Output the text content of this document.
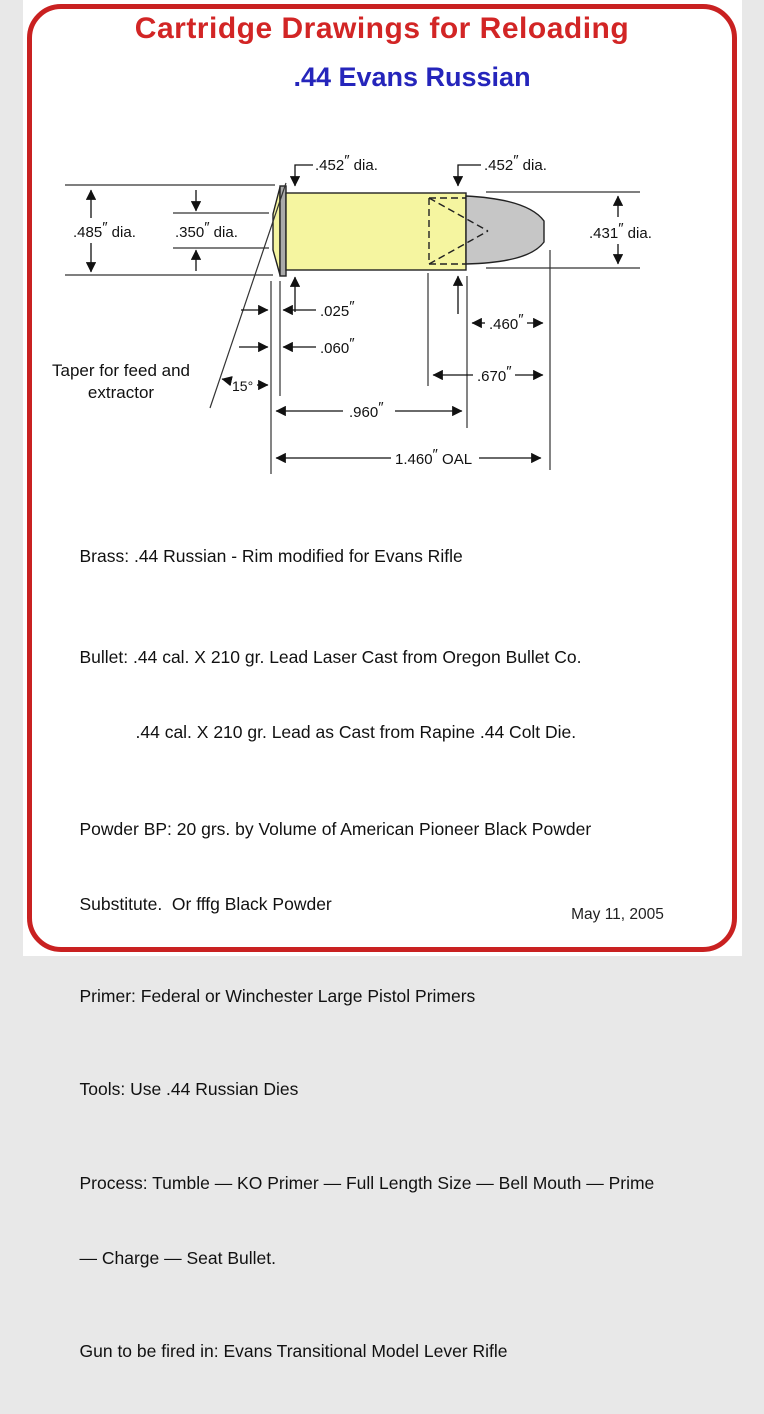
Cartridge Drawings for Reloading
.44 Evans Russian
.485″ dia.	.350″ dia.
.452″ dia.	.452″ dia.
.431″ dia.
.025″
.060″
15°
.460″
.670″
.960″
1.460″ OAL
Taper for feed and
extractor

Brass: .44 Russian - Rim modified for Evans Rifle

Bullet: .44 cal. X 210 gr. Lead Laser Cast from Oregon Bullet Co.

.44 cal. X 210 gr. Lead as Cast from Rapine .44 Colt Die.

Powder BP: 20 grs. by Volume of American Pioneer Black Powder

Substitute.  Or fffg Black Powder

Primer: Federal or Winchester Large Pistol Primers

Tools: Use .44 Russian Dies

Process: Tumble — KO Primer — Full Length Size — Bell Mouth — Prime

— Charge — Seat Bullet.

Gun to be fired in: Evans Transitional Model Lever Rifle

May 11, 2005
